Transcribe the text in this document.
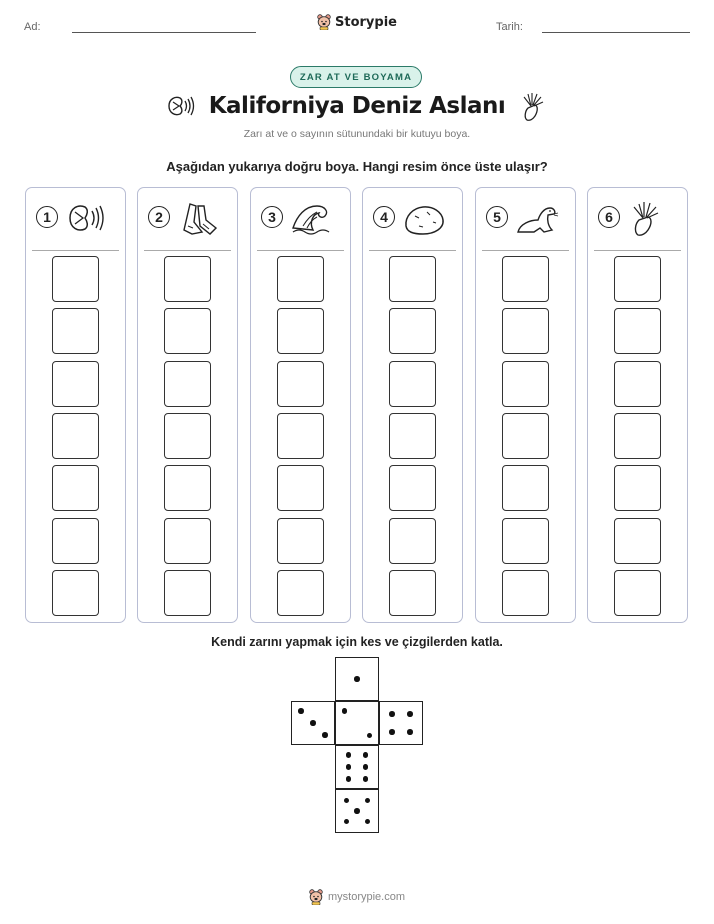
Ad:	Storypie	Tarih:
ZAR AT VE BOYAMA
Kaliforniya Deniz Aslanı
Zarı at ve o sayının sütunundaki bir kutuyu boya.
Aşağıdan yukarıya doğru boya. Hangi resim önce üste ulaşır?
1	2	3	4	5	6
Kendi zarını yapmak için kes ve çizgilerden katla.
mystorypie.com
